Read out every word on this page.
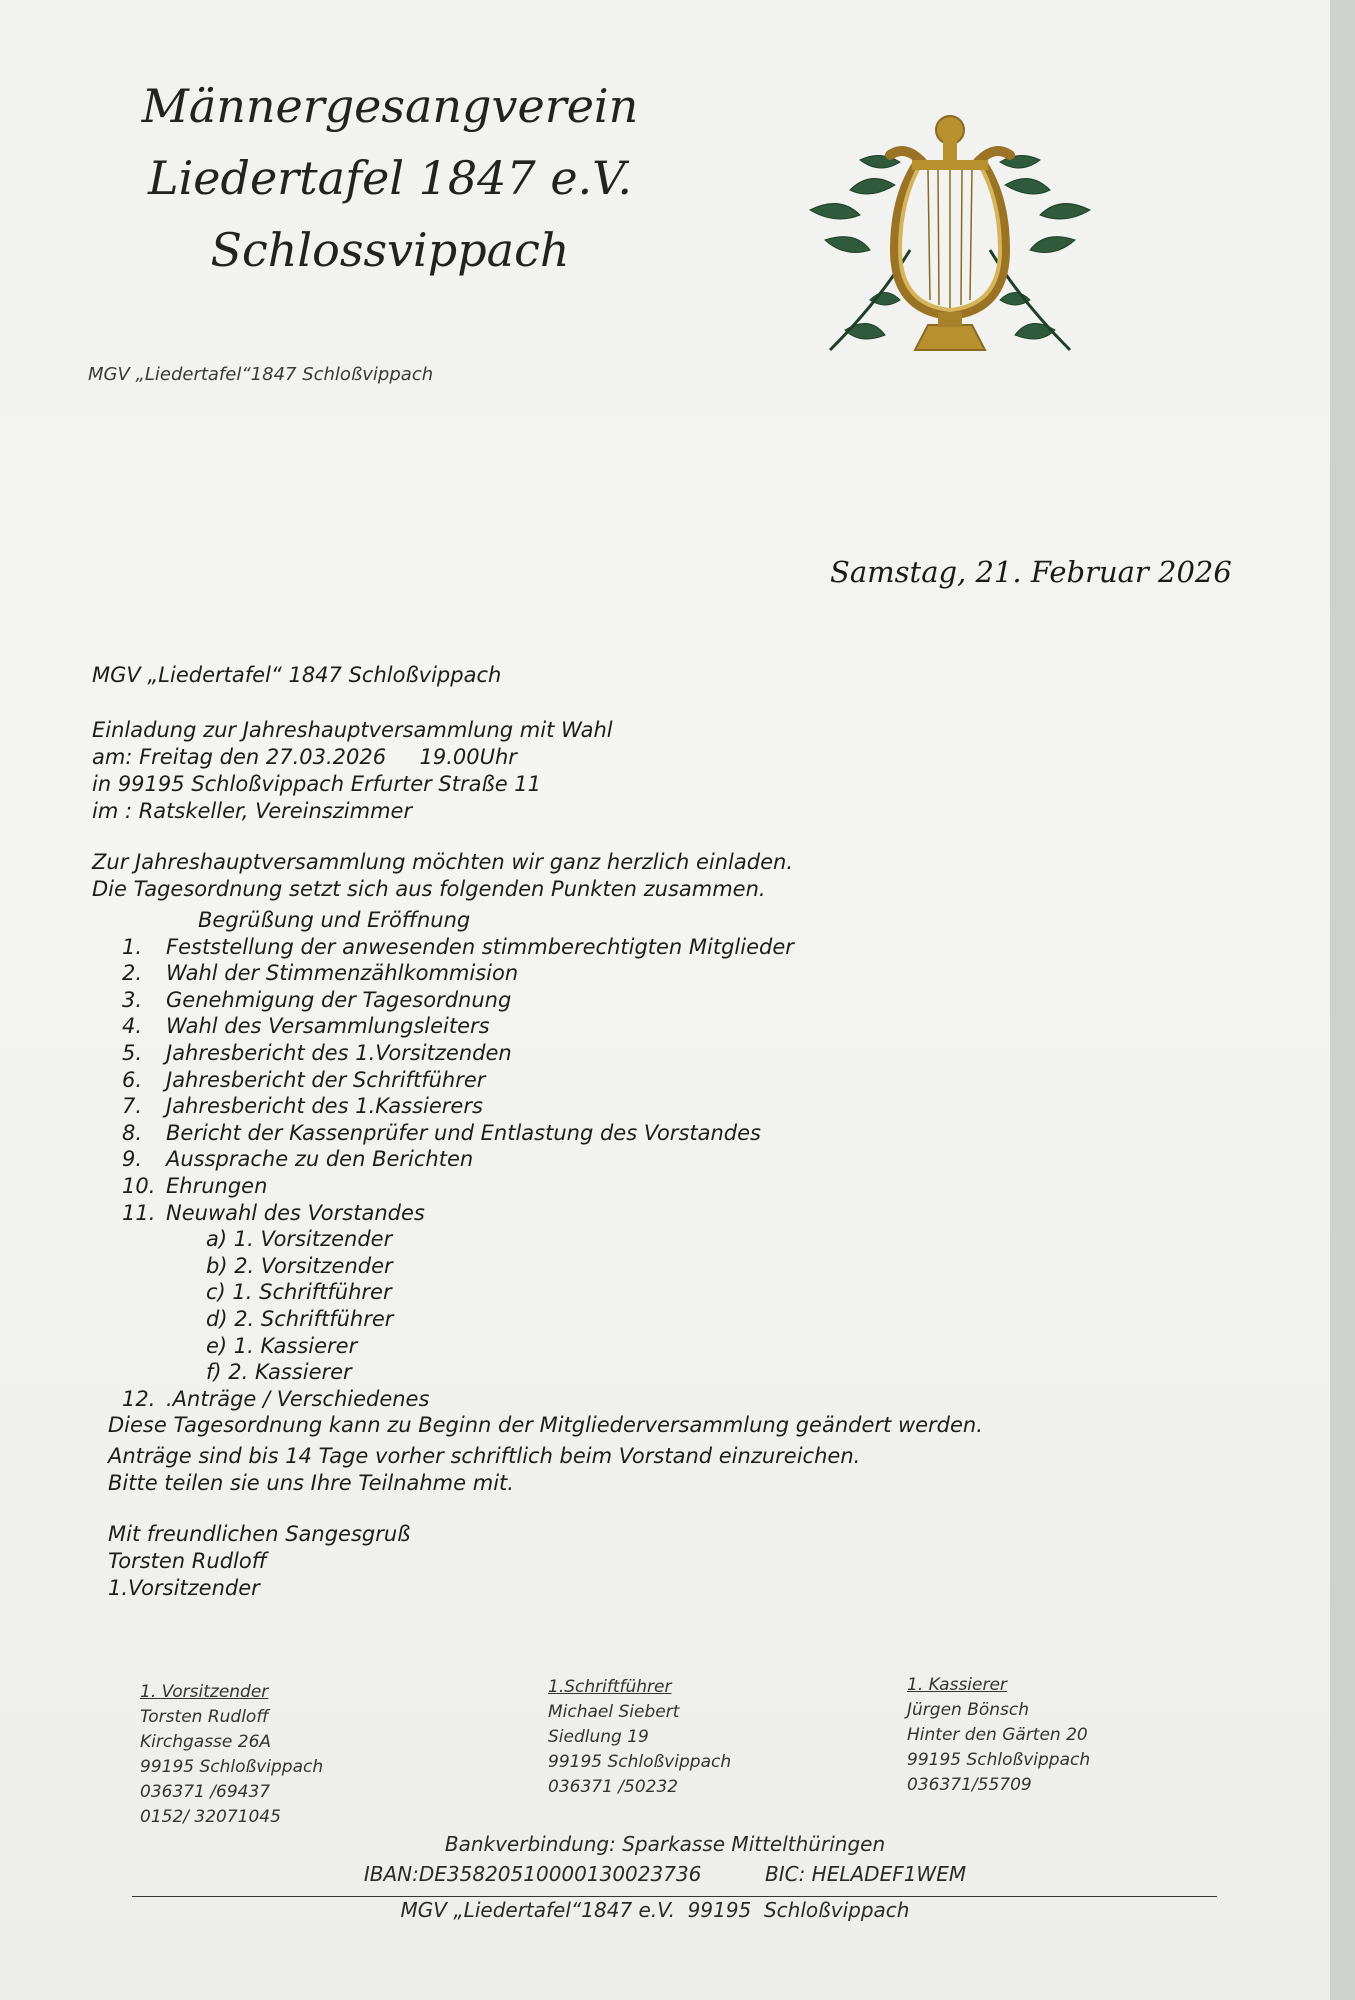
Männergesangverein
Liedertafel 1847 e.V.
Schlossvippach
MGV „Liedertafel“1847 Schloßvippach
Samstag, 21. Februar 2026

MGV „Liedertafel“ 1847 Schloßvippach

Einladung zur Jahreshauptversammlung mit Wahl

am: Freitag den 27.03.2026     19.00Uhr

in 99195 Schloßvippach Erfurter Straße 11

im : Ratskeller, Vereinszimmer

Zur Jahreshauptversammlung möchten wir ganz herzlich einladen.

Die Tagesordnung setzt sich aus folgenden Punkten zusammen.

Begrüßung und Eröffnung
1.	Feststellung der anwesenden stimmberechtigten Mitglieder
2.	Wahl der Stimmenzählkommision
3.	Genehmigung der Tagesordnung
4.	Wahl des Versammlungsleiters
5.	Jahresbericht des 1.Vorsitzenden
6.	Jahresbericht der Schriftführer
7.	Jahresbericht des 1.Kassierers
8.	Bericht der Kassenprüfer und Entlastung des Vorstandes
9.	Aussprache zu den Berichten
10. Ehrungen
11. Neuwahl des Vorstandes
a) 1. Vorsitzender
b) 2. Vorsitzender
c) 1. Schriftführer
d) 2. Schriftführer
e) 1. Kassierer
f) 2. Kassierer
12. .Anträge / Verschiedenes

Diese Tagesordnung kann zu Beginn der Mitgliederversammlung geändert werden.

Anträge sind bis 14 Tage vorher schriftlich beim Vorstand einzureichen.

Bitte teilen sie uns Ihre Teilnahme mit.

Mit freundlichen Sangesgruß

Torsten Rudloff

1.Vorsitzender

1. Vorsitzender
Torsten Rudloff
Kirchgasse 26A
99195 Schloßvippach
036371 /69437
0152/ 32071045
1.Schriftführer
Michael Siebert
Siedlung 19
99195 Schloßvippach
036371 /50232
1. Kassierer
Jürgen Bönsch
Hinter den Gärten 20
99195 Schloßvippach
036371/55709
Bankverbindung: Sparkasse Mittelthüringen
IBAN:DE35820510000130023736	BIC: HELADEF1WEM
MGV „Liedertafel“1847 e.V.  99195  Schloßvippach
